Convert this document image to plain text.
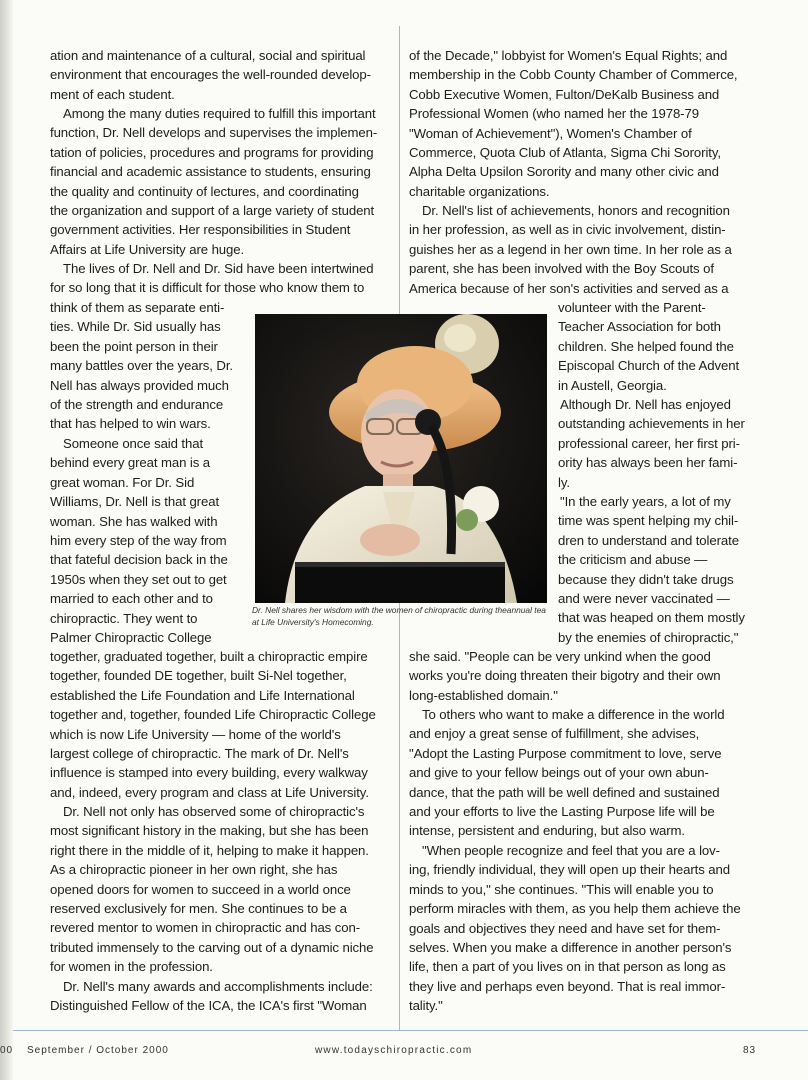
ation and maintenance of a cultural, social and spiritual
environment that encourages the well-rounded develop-
ment of each student.
Among the many duties required to fulfill this important
function, Dr. Nell develops and supervises the implemen-
tation of policies, procedures and programs for providing
financial and academic assistance to students, ensuring
the quality and continuity of lectures, and coordinating
the organization and support of a large variety of student
government activities. Her responsibilities in Student
Affairs at Life University are huge.
The lives of Dr. Nell and Dr. Sid have been intertwined
for so long that it is difficult for those who know them to
think of them as separate enti-
ties. While Dr. Sid usually has
been the point person in their
many battles over the years, Dr.
Nell has always provided much
of the strength and endurance
that has helped to win wars.
Someone once said that
behind every great man is a
great woman. For Dr. Sid
Williams, Dr. Nell is that great
woman. She has walked with
him every step of the way from
that fateful decision back in the
1950s when they set out to get
married to each other and to
chiropractic. They went to
Palmer Chiropractic College
together, graduated together, built a chiropractic empire
together, founded DE together, built Si-Nel together,
established the Life Foundation and Life International
together and, together, founded Life Chiropractic College
which is now Life University — home of the world's
largest college of chiropractic. The mark of Dr. Nell's
influence is stamped into every building, every walkway
and, indeed, every program and class at Life University.
Dr. Nell not only has observed some of chiropractic's
most significant history in the making, but she has been
right there in the middle of it, helping to make it happen.
As a chiropractic pioneer in her own right, she has
opened doors for women to succeed in a world once
reserved exclusively for men. She continues to be a
revered mentor to women in chiropractic and has con-
tributed immensely to the carving out of a dynamic niche
for women in the profession.
Dr. Nell's many awards and accomplishments include:
Distinguished Fellow of the ICA, the ICA's first "Woman
Dr. Nell shares her wisdom with the women of chiropractic during theannual tea at Life University's Homecoming.
of the Decade," lobbyist for Women's Equal Rights; and
membership in the Cobb County Chamber of Commerce,
Cobb Executive Women, Fulton/DeKalb Business and
Professional Women (who named her the 1978-79
"Woman of Achievement"), Women's Chamber of
Commerce, Quota Club of Atlanta, Sigma Chi Sorority,
Alpha Delta Upsilon Sorority and many other civic and
charitable organizations.
Dr. Nell's list of achievements, honors and recognition
in her profession, as well as in civic involvement, distin-
guishes her as a legend in her own time. In her role as a
parent, she has been involved with the Boy Scouts of
America because of her son's activities and served as a
volunteer with the Parent-
Teacher Association for both
children. She helped found the
Episcopal Church of the Advent
in Austell, Georgia.
Although Dr. Nell has enjoyed
outstanding achievements in her
professional career, her first pri-
ority has always been her fami-
ly.
"In the early years, a lot of my
time was spent helping my chil-
dren to understand and tolerate
the criticism and abuse —
because they didn't take drugs
and were never vaccinated —
that was heaped on them mostly
by the enemies of chiropractic,"
she said. "People can be very unkind when the good
works you're doing threaten their bigotry and their own
long-established domain."
To others who want to make a difference in the world
and enjoy a great sense of fulfillment, she advises,
"Adopt the Lasting Purpose commitment to love, serve
and give to your fellow beings out of your own abun-
dance, that the path will be well defined and sustained
and your efforts to live the Lasting Purpose life will be
intense, persistent and enduring, but also warm.
"When people recognize and feel that you are a lov-
ing, friendly individual, they will open up their hearts and
minds to you," she continues. "This will enable you to
perform miracles with them, as you help them achieve the
goals and objectives they need and have set for them-
selves. When you make a difference in another person's
life, then a part of you lives on in that person as long as
they live and perhaps even beyond. That is real immor-
tality."
00 September / October 2000	www.todayschiropractic.com	83
